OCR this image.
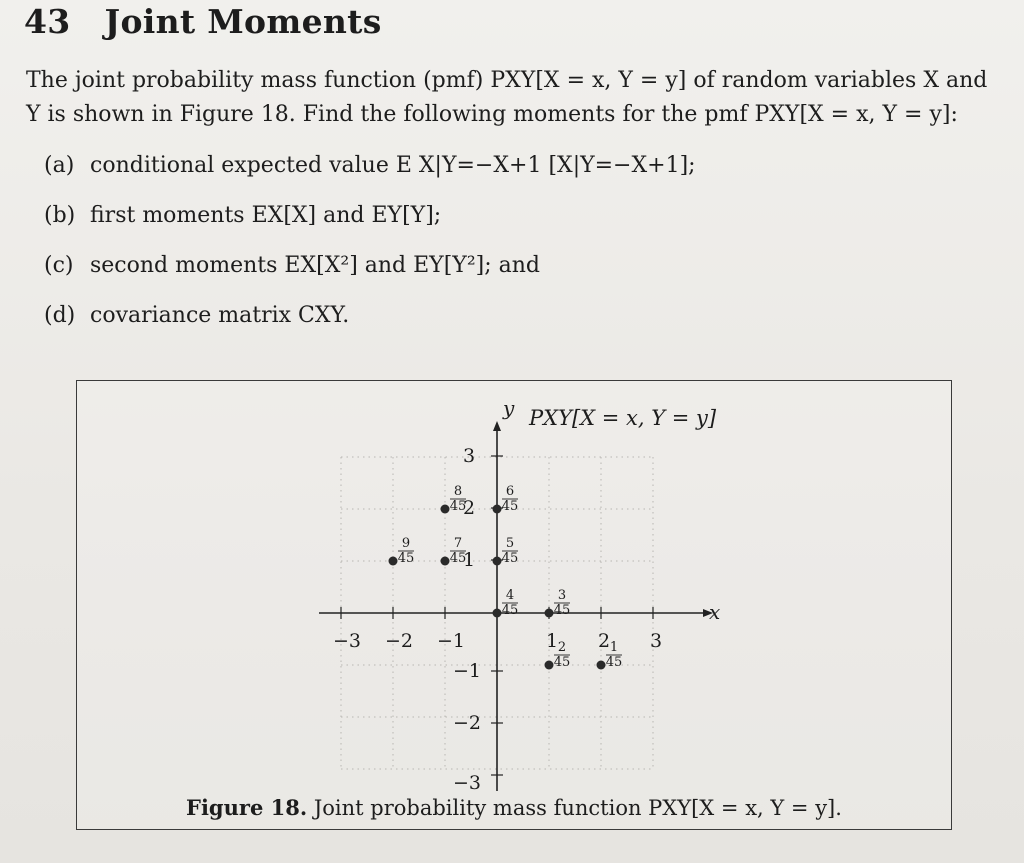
43 Joint Moments
The joint probability mass function (pmf) PXY[X = x, Y = y] of random variables X and Y is shown in Figure 18. Find the following moments for the pmf PXY[X = x, Y = y]:
(a) conditional expected value E X|Y=−X+1 [X|Y=−X+1];
(b) first moments EX[X] and EY[Y];
(c) second moments EX[X²] and EY[Y²]; and
(d) covariance matrix CXY.
x
y PXY[X = x, Y = y]
−3 −2 −1	1 2 3
3
2
1
−1
−2
−3
9
45
7
45
8
45
6
45
5
45
4
45
3
45
2
45
1
45
Figure 18. Joint probability mass function PXY[X = x, Y = y].
